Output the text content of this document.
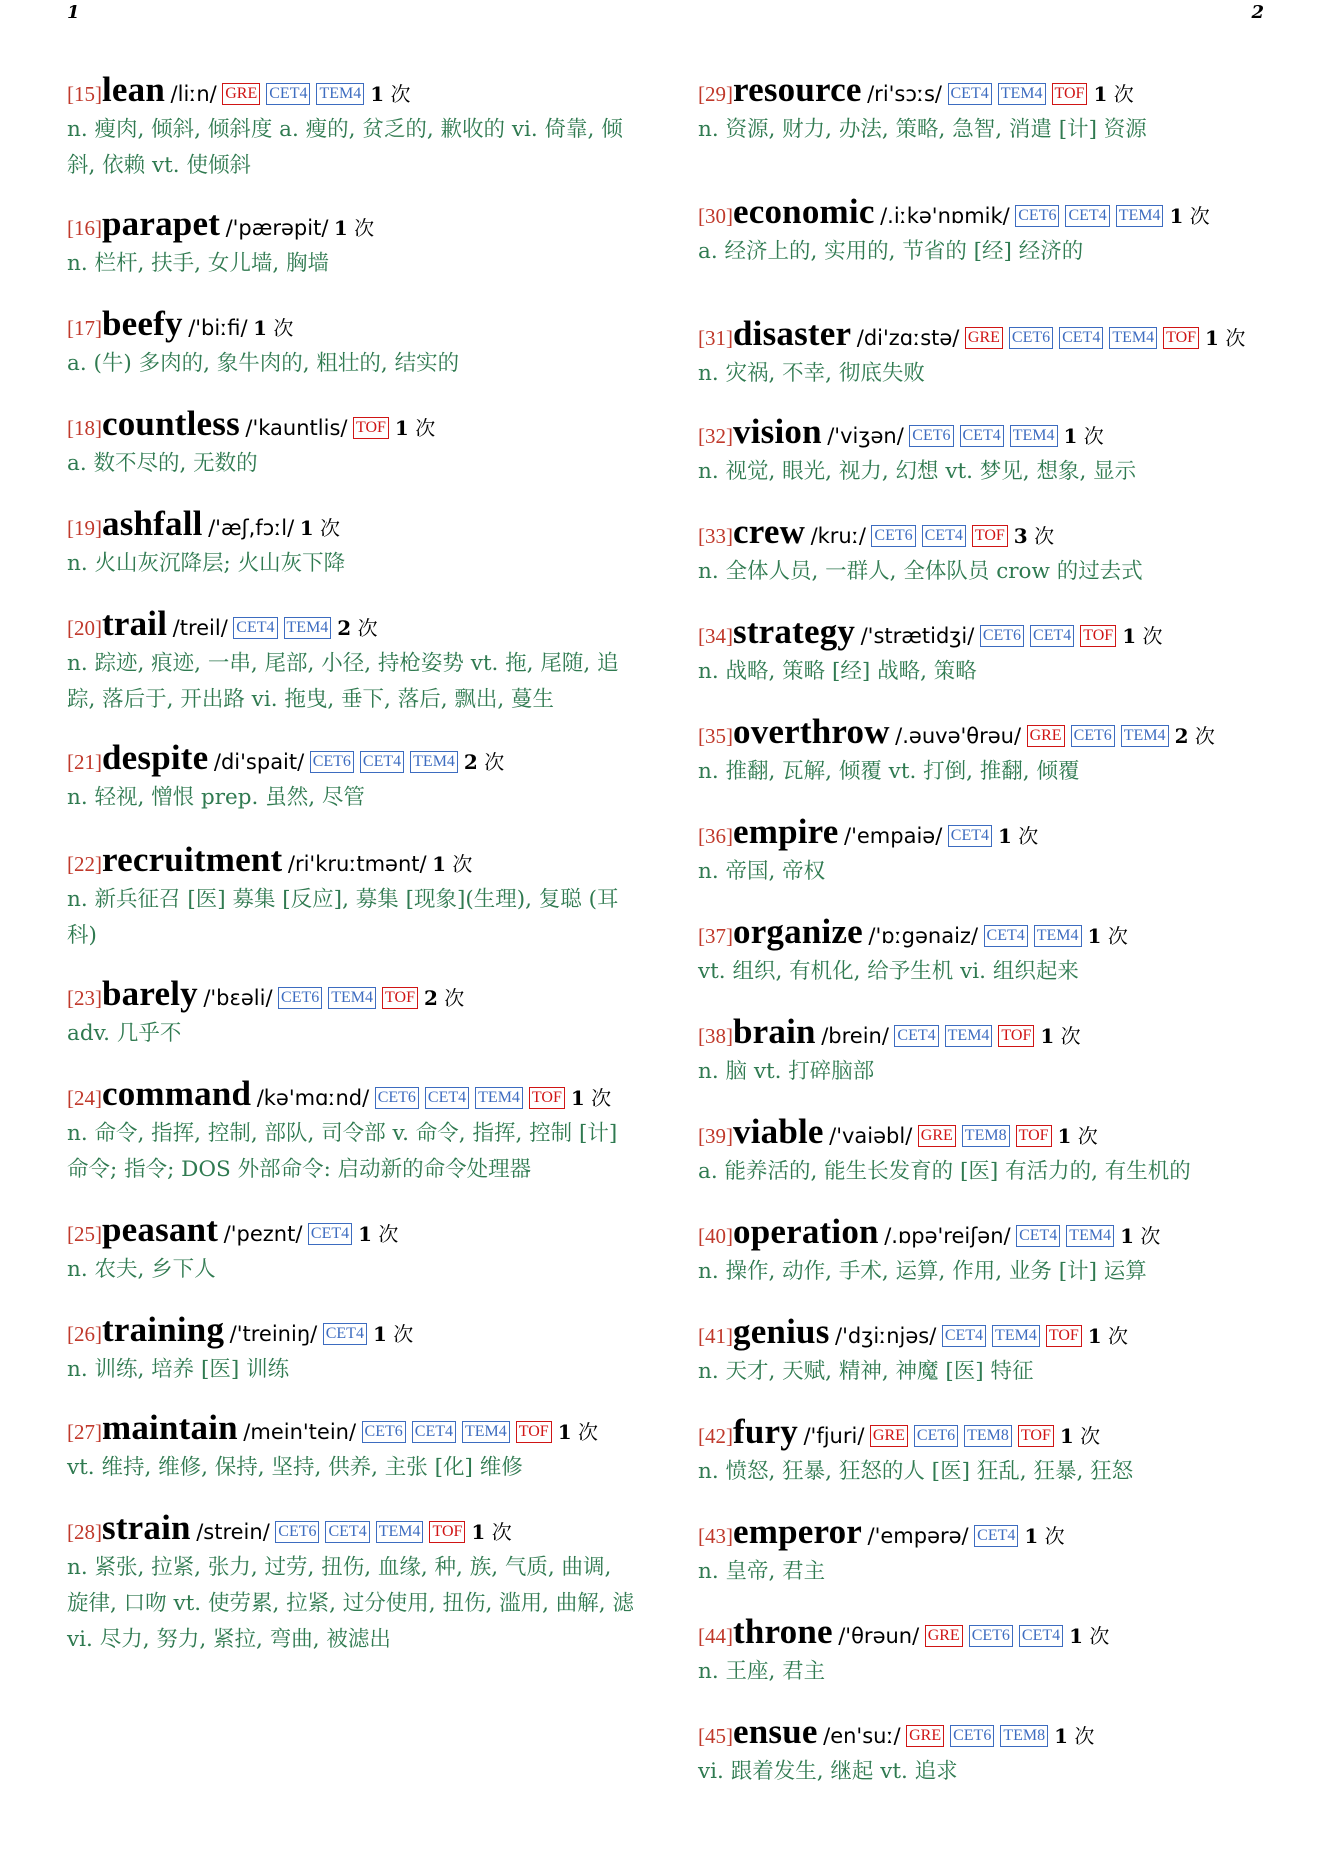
1	2
[15]lean /liːn/ GRE CET4 TEM4 1 次
n. 瘦肉, 倾斜, 倾斜度 a. 瘦的, 贫乏的, 歉收的 vi. 倚靠, 倾斜, 依赖 vt. 使倾斜
[16]parapet /'pærəpit/ 1 次
n. 栏杆, 扶手, 女儿墙, 胸墙
[17]beefy /'biːfi/ 1 次
a. (牛) 多肉的, 象牛肉的, 粗壮的, 结实的
[18]countless /'kauntlis/ TOF 1 次
a. 数不尽的, 无数的
[19]ashfall /'æʃ,fɔːl/ 1 次
n. 火山灰沉降层; 火山灰下降
[20]trail /treil/ CET4 TEM4 2 次
n. 踪迹, 痕迹, 一串, 尾部, 小径, 持枪姿势 vt. 拖, 尾随, 追踪, 落后于, 开出路 vi. 拖曳, 垂下, 落后, 飘出, 蔓生
[21]despite /di'spait/ CET6 CET4 TEM4 2 次
n. 轻视, 憎恨 prep. 虽然, 尽管
[22]recruitment /ri'kruːtmənt/ 1 次
n. 新兵征召 [医] 募集 [反应], 募集 [现象](生理), 复聪 (耳科)
[23]barely /'bɛəli/ CET6 TEM4 TOF 2 次
adv. 几乎不
[24]command /kə'mɑːnd/ CET6 CET4 TEM4 TOF 1 次
n. 命令, 指挥, 控制, 部队, 司令部 v. 命令, 指挥, 控制 [计] 命令; 指令; DOS 外部命令: 启动新的命令处理器
[25]peasant /'peznt/ CET4 1 次
n. 农夫, 乡下人
[26]training /'treiniŋ/ CET4 1 次
n. 训练, 培养 [医] 训练
[27]maintain /mein'tein/ CET6 CET4 TEM4 TOF 1 次
vt. 维持, 维修, 保持, 坚持, 供养, 主张 [化] 维修
[28]strain /strein/ CET6 CET4 TEM4 TOF 1 次
n. 紧张, 拉紧, 张力, 过劳, 扭伤, 血缘, 种, 族, 气质, 曲调, 旋律, 口吻 vt. 使劳累, 拉紧, 过分使用, 扭伤, 滥用, 曲解, 滤 vi. 尽力, 努力, 紧拉, 弯曲, 被滤出
[29]resource /ri'sɔːs/ CET4 TEM4 TOF 1 次
n. 资源, 财力, 办法, 策略, 急智, 消遣 [计] 资源
[30]economic /.iːkə'nɒmik/ CET6 CET4 TEM4 1 次
a. 经济上的, 实用的, 节省的 [经] 经济的
[31]disaster /di'zɑːstə/ GRE CET6 CET4 TEM4 TOF 1 次
n. 灾祸, 不幸, 彻底失败
[32]vision /'viʒən/ CET6 CET4 TEM4 1 次
n. 视觉, 眼光, 视力, 幻想 vt. 梦见, 想象, 显示
[33]crew /kruː/ CET6 CET4 TOF 3 次
n. 全体人员, 一群人, 全体队员 crow 的过去式
[34]strategy /'strætidʒi/ CET6 CET4 TOF 1 次
n. 战略, 策略 [经] 战略, 策略
[35]overthrow /.əuvə'θrəu/ GRE CET6 TEM4 2 次
n. 推翻, 瓦解, 倾覆 vt. 打倒, 推翻, 倾覆
[36]empire /'empaiə/ CET4 1 次
n. 帝国, 帝权
[37]organize /'ɒːgənaiz/ CET4 TEM4 1 次
vt. 组织, 有机化, 给予生机 vi. 组织起来
[38]brain /brein/ CET4 TEM4 TOF 1 次
n. 脑 vt. 打碎脑部
[39]viable /'vaiəbl/ GRE TEM8 TOF 1 次
a. 能养活的, 能生长发育的 [医] 有活力的, 有生机的
[40]operation /.ɒpə'reiʃən/ CET4 TEM4 1 次
n. 操作, 动作, 手术, 运算, 作用, 业务 [计] 运算
[41]genius /'dʒiːnjəs/ CET4 TEM4 TOF 1 次
n. 天才, 天赋, 精神, 神魔 [医] 特征
[42]fury /'fjuri/ GRE CET6 TEM8 TOF 1 次
n. 愤怒, 狂暴, 狂怒的人 [医] 狂乱, 狂暴, 狂怒
[43]emperor /'empərə/ CET4 1 次
n. 皇帝, 君主
[44]throne /'θrəun/ GRE CET6 CET4 1 次
n. 王座, 君主
[45]ensue /en'suː/ GRE CET6 TEM8 1 次
vi. 跟着发生, 继起 vt. 追求
